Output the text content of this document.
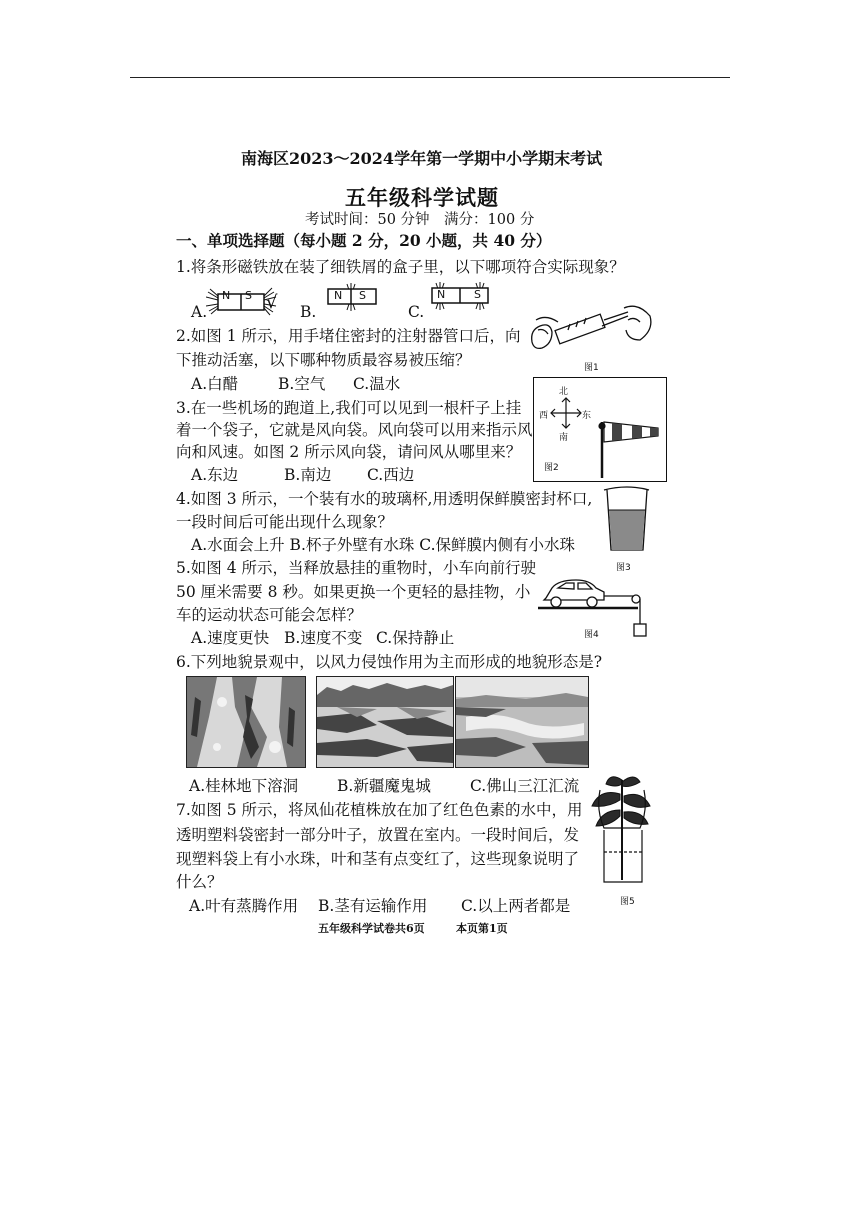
南海区2023～2024学年第一学期中小学期末考试
五年级科学试题
考试时间：50 分钟　满分：100 分
一、单项选择题（每小题 2 分，20 小题，共 40 分）
1.将条形磁铁放在装了细铁屑的盒子里，以下哪项符合实际现象？
A.
N S √ B.
N S
C.
N	S
图1
2.如图 1 所示，用手堵住密封的注射器管口后，向
下推动活塞，以下哪种物质最容易被压缩？
A.白醋	B.空气 C.温水
3.在一些机场的跑道上,我们可以见到一根杆子上挂
着一个袋子，它就是风向袋。风向袋可以用来指示风
向和风速。如图 2 所示风向袋，请问风从哪里来？
A.东边	B.南边 C.西边
北
南
东
西
图2
4.如图 3 所示，一个装有水的玻璃杯,用透明保鲜膜密封杯口,
一段时间后可能出现什么现象？
A.水面会上升 B.杯子外壁有水珠 C.保鲜膜内侧有小水珠
图3
5.如图 4 所示，当释放悬挂的重物时，小车向前行驶
50 厘米需要 8 秒。如果更换一个更轻的悬挂物，小
车的运动状态可能会怎样？
A.速度更快 B.速度不变 C.保持静止	图4
6.下列地貌景观中，以风力侵蚀作用为主而形成的地貌形态是?
A.桂林地下溶洞	B.新疆魔鬼城	C.佛山三江汇流
7.如图 5 所示，将凤仙花植株放在加了红色色素的水中，用
透明塑料袋密封一部分叶子，放置在室内。一段时间后，发
现塑料袋上有小水珠，叶和茎有点变红了，这些现象说明了
什么？
A.叶有蒸腾作用 B.茎有运输作用 C.以上两者都是	图5
五年级科学试卷共6页	本页第1页
